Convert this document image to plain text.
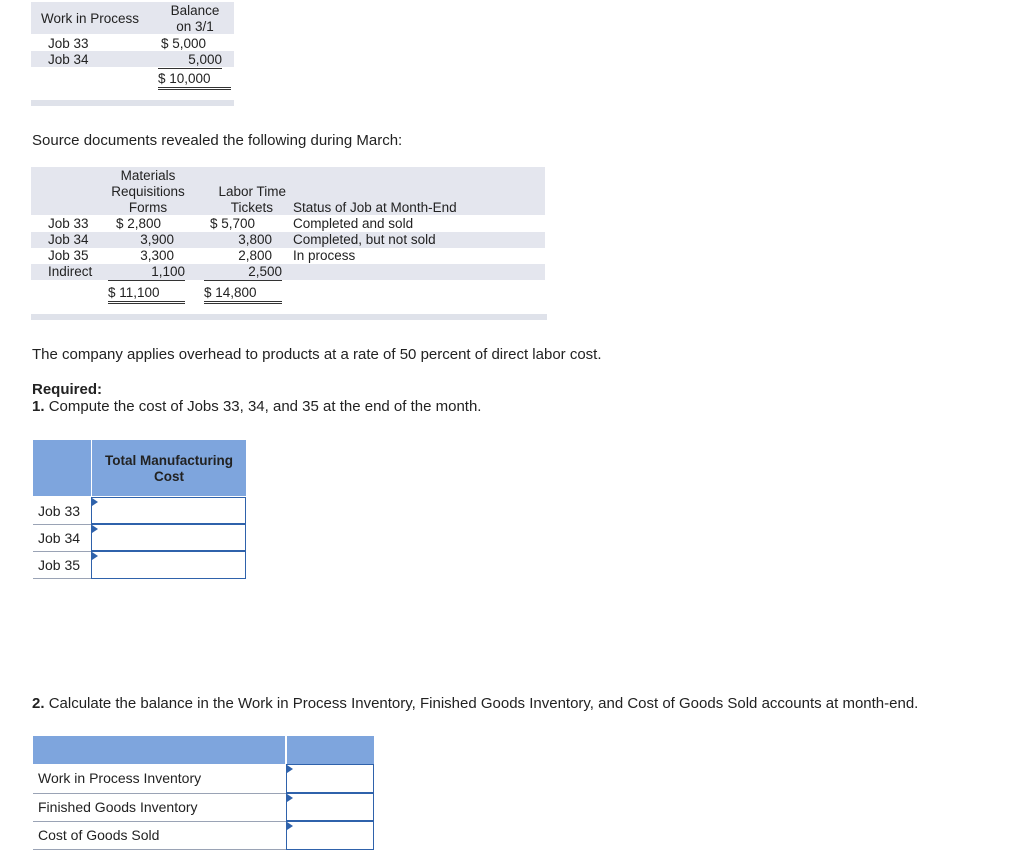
Work in Process
Balance
on 3/1
Job 33	$ 5,000
Job 34	5,000
$ 10,000
Source documents revealed the following during March:
Materials
Requisitions
Forms
Labor Time
Tickets Status of Job at Month-End
Job 33 $ 2,800	$ 5,700	Completed and sold
Job 34	3,900	3,800 Completed, but not sold
Job 35	3,300	2,800 In process
Indirect	1,100	2,500
$ 11,100	$ 14,800
The company applies overhead to products at a rate of 50 percent of direct labor cost.
Required:
1. Compute the cost of Jobs 33, 34, and 35 at the end of the month.
Total Manufacturing Cost
Job 33
Job 34
Job 35
2. Calculate the balance in the Work in Process Inventory, Finished Goods Inventory, and Cost of Goods Sold accounts at month-end.
Work in Process Inventory
Finished Goods Inventory
Cost of Goods Sold
